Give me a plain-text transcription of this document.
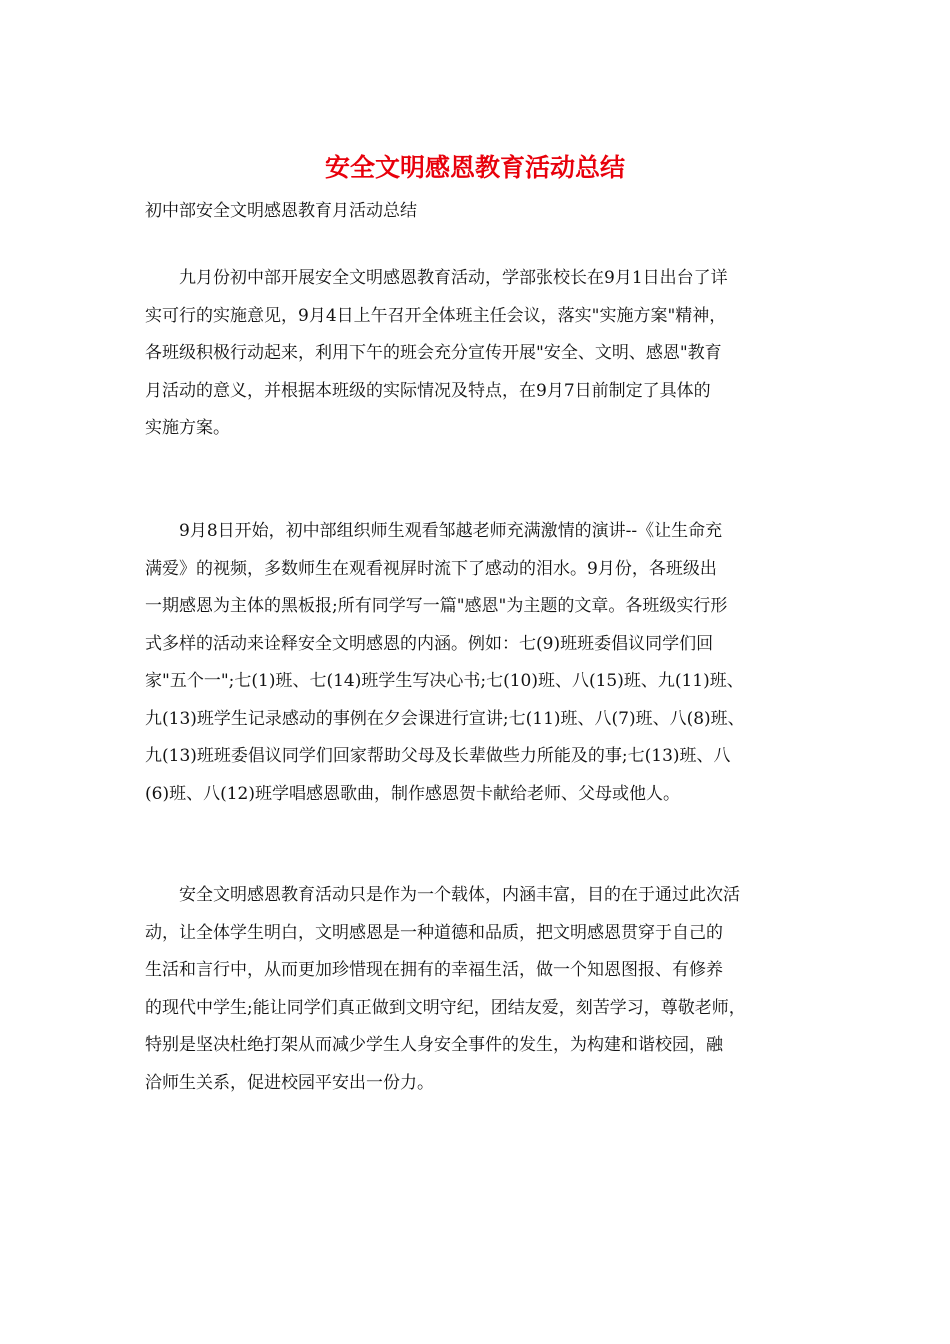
安全文明感恩教育活动总结

初中部安全文明感恩教育月活动总结

　　九月份初中部开展安全文明感恩教育活动，学部张校长在9月1日出台了详
实可行的实施意见，9月4日上午召开全体班主任会议，落实"实施方案"精神，
各班级积极行动起来，利用下午的班会充分宣传开展"安全、文明、感恩"教育
月活动的意义，并根据本班级的实际情况及特点，在9月7日前制定了具体的
实施方案。

　　9月8日开始，初中部组织师生观看邹越老师充满激情的演讲--《让生命充
满爱》的视频，多数师生在观看视屏时流下了感动的泪水。9月份，各班级出
一期感恩为主体的黑板报;所有同学写一篇"感恩"为主题的文章。各班级实行形
式多样的活动来诠释安全文明感恩的内涵。例如：七(9)班班委倡议同学们回
家"五个一";七(1)班、七(14)班学生写决心书;七(10)班、八(15)班、九(11)班、
九(13)班学生记录感动的事例在夕会课进行宣讲;七(11)班、八(7)班、八(8)班、
九(13)班班委倡议同学们回家帮助父母及长辈做些力所能及的事;七(13)班、八
(6)班、八(12)班学唱感恩歌曲，制作感恩贺卡献给老师、父母或他人。

　　安全文明感恩教育活动只是作为一个载体，内涵丰富，目的在于通过此次活
动，让全体学生明白，文明感恩是一种道德和品质，把文明感恩贯穿于自己的
生活和言行中，从而更加珍惜现在拥有的幸福生活，做一个知恩图报、有修养
的现代中学生;能让同学们真正做到文明守纪，团结友爱，刻苦学习，尊敬老师，
特别是坚决杜绝打架从而减少学生人身安全事件的发生，为构建和谐校园，融
洽师生关系，促进校园平安出一份力。
